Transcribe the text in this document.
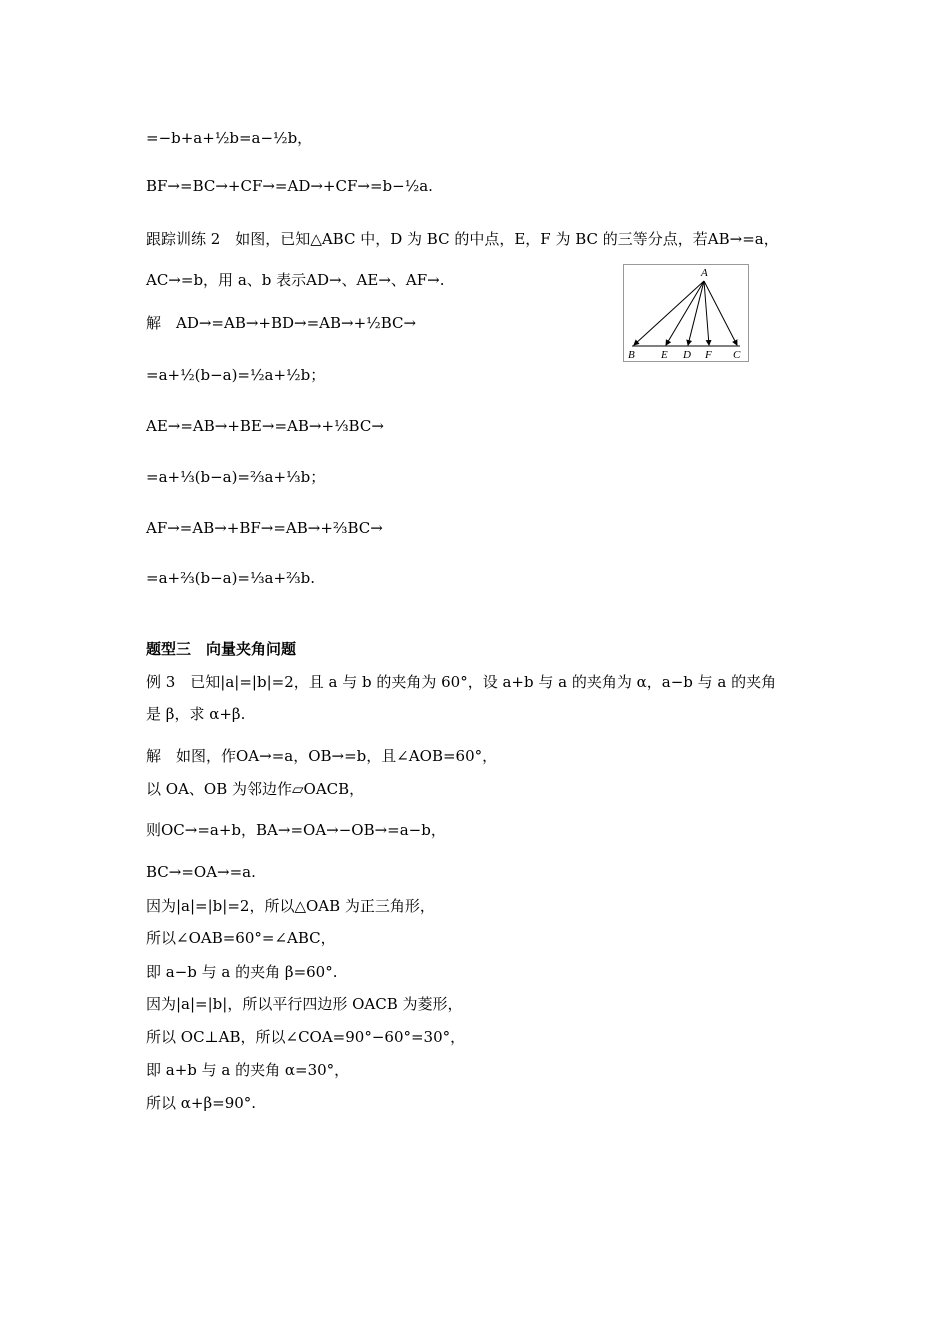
=−b+a+½b=a−½b，
BF→=BC→+CF→=AD→+CF→=b−½a.
跟踪训练 2　如图，已知△ABC 中，D 为 BC 的中点，E，F 为 BC 的三等分点，若AB→=a，
AC→=b，用 a、b 表示AD→、AE→、AF→.
解　AD→=AB→+BD→=AB→+½BC→
=a+½(b−a)=½a+½b；
AE→=AB→+BE→=AB→+⅓BC→
=a+⅓(b−a)=⅔a+⅓b；
AF→=AB→+BF→=AB→+⅔BC→
=a+⅔(b−a)=⅓a+⅔b.
题型三　向量夹角问题
例 3　已知|a|=|b|=2，且 a 与 b 的夹角为 60°，设 a+b 与 a 的夹角为 α，a−b 与 a 的夹角
是 β，求 α+β.
解　如图，作OA→=a，OB→=b，且∠AOB=60°，
以 OA、OB 为邻边作▱OACB，
则OC→=a+b，BA→=OA→−OB→=a−b，
BC→=OA→=a.
因为|a|=|b|=2，所以△OAB 为正三角形，
所以∠OAB=60°=∠ABC，
即 a−b 与 a 的夹角 β=60°.
因为|a|=|b|，所以平行四边形 OACB 为菱形，
所以 OC⊥AB，所以∠COA=90°−60°=30°，
即 a+b 与 a 的夹角 α=30°，
所以 α+β=90°.
A
B E D F C
